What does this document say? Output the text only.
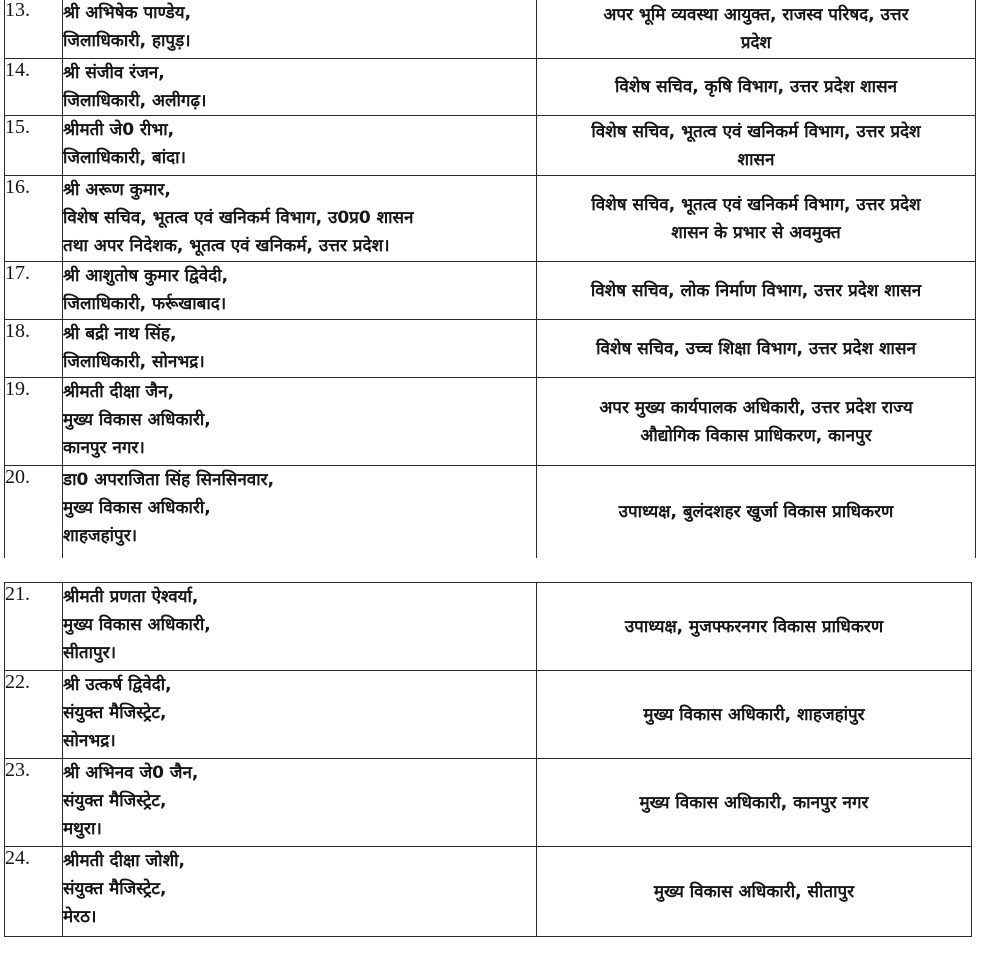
13.	श्री अभिषेक पाण्डेय,
जिलाधिकारी, हापुड़।	अपर भूमि व्यवस्था आयुक्त, राजस्व परिषद, उत्तर
प्रदेश

14.	श्री संजीव रंजन,
जिलाधिकारी, अलीगढ़।	विशेष सचिव, कृषि विभाग, उत्तर प्रदेश शासन

15.	श्रीमती जे0 रीभा,
जिलाधिकारी, बांदा।	विशेष सचिव, भूतत्व एवं खनिकर्म विभाग, उत्तर प्रदेश
शासन

16.	श्री अरूण कुमार,
विशेष सचिव, भूतत्व एवं खनिकर्म विभाग, उ0प्र0 शासन
तथा अपर निदेशक, भूतत्व एवं खनिकर्म, उत्तर प्रदेश।	विशेष सचिव, भूतत्व एवं खनिकर्म विभाग, उत्तर प्रदेश
शासन के प्रभार से अवमुक्त

17.	श्री आशुतोष कुमार द्विवेदी,
जिलाधिकारी, फर्रूखाबाद।	विशेष सचिव, लोक निर्माण विभाग, उत्तर प्रदेश शासन

18.	श्री बद्री नाथ सिंह,
जिलाधिकारी, सोनभद्र।	विशेष सचिव, उच्च शिक्षा विभाग, उत्तर प्रदेश शासन

19.	श्रीमती दीक्षा जैन,
मुख्य विकास अधिकारी,
कानपुर नगर।	अपर मुख्य कार्यपालक अधिकारी, उत्तर प्रदेश राज्य
औद्योगिक विकास प्राधिकरण, कानपुर

20.	डा0 अपराजिता सिंह सिनसिनवार,
मुख्य विकास अधिकारी,
शाहजहांपुर।	उपाध्यक्ष, बुलंदशहर खुर्जा विकास प्राधिकरण
21.	श्रीमती प्रणता ऐश्वर्या,
मुख्य विकास अधिकारी,
सीतापुर।	उपाध्यक्ष, मुजफ्फरनगर विकास प्राधिकरण

22.	श्री उत्कर्ष द्विवेदी,
संयुक्त मैजिस्ट्रेट,
सोनभद्र।	मुख्य विकास अधिकारी, शाहजहांपुर

23.	श्री अभिनव जे0 जैन,
संयुक्त मैजिस्ट्रेट,
मथुरा।	मुख्य विकास अधिकारी, कानपुर नगर

24.	श्रीमती दीक्षा जोशी,
संयुक्त मैजिस्ट्रेट,
मेरठ।	मुख्य विकास अधिकारी, सीतापुर
